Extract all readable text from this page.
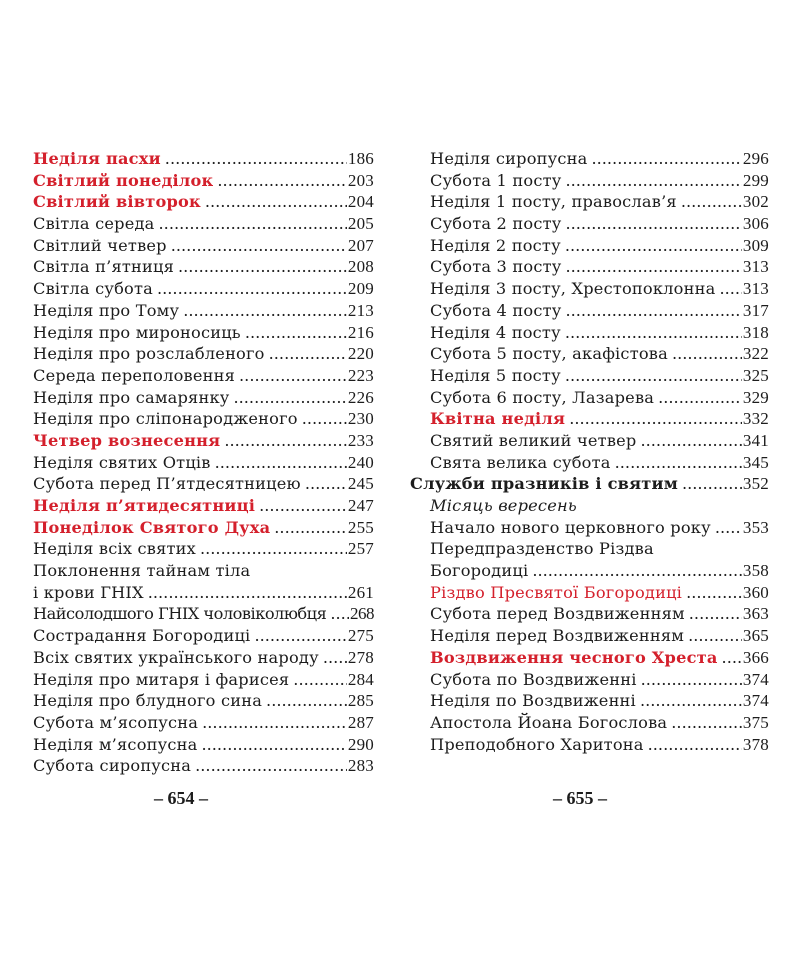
Неділя пасхи .....	186
Світлий понеділок .....	203
Світлий вівторок .....	204
Світла середа .....	205
Світлий четвер .....	207
Світла п’ятниця .....	208
Світла субота .....	209
Неділя про Тому .....	213
Неділя про мироносиць .....	216
Неділя про розслабленого .....	220
Середа переполовення .....	223
Неділя про самарянку .....	226
Неділя про сліпонародженого .....	230
Четвер вознесення .....	233
Неділя святих Отців .....	240
Субота перед П’ятдесятницею .....	245
Неділя п’ятидесятниці .....	247
Понеділок Святого Духа .....	255
Неділя всіх святих .....	257
Поклонення тайнам тіла
і крови ГНІХ .....	261
Найсолодшого ГНІХ чоловіколюбця ..... 268
Сострадання Богородиці .....	275
Всіх святих українського народу ..... 278
Неділя про митаря і фарисея .....	284
Неділя про блудного сина .....	285
Субота м’ясопусна .....	287
Неділя м’ясопусна .....	290
Субота сиропусна .....	283
Неділя сиропусна .....	296
Субота 1 посту .....	299
Неділя 1 посту, православ’я .....	302
Субота 2 посту .....	306
Неділя 2 посту .....	309
Субота 3 посту .....	313
Неділя 3 посту, Хрестопоклонна ..... 313
Субота 4 посту .....	317
Неділя 4 посту .....	318
Субота 5 посту, акафістова .....	322
Неділя 5 посту .....	325
Субота 6 посту, Лазарева .....	329
Квітна неділя .....	332
Святий великий четвер .....	341
Свята велика субота .....	345
Служби празників і святим .....	352
Місяць вересень
Начало нового церковного року ..... 353
Передпразденство Різдва
Богородиці .....	358
Різдво Пресвятої Богородиці .....	360
Субота перед Воздвиженням .....	363
Неділя перед Воздвиженням .....	365
Воздвиження чесного Хреста ..... 366
Субота по Воздвиженні .....	374
Неділя по Воздвиженні .....	374
Апостола Йоана Богослова .....	375
Преподобного Харитона .....	378
– 654 –	– 655 –
